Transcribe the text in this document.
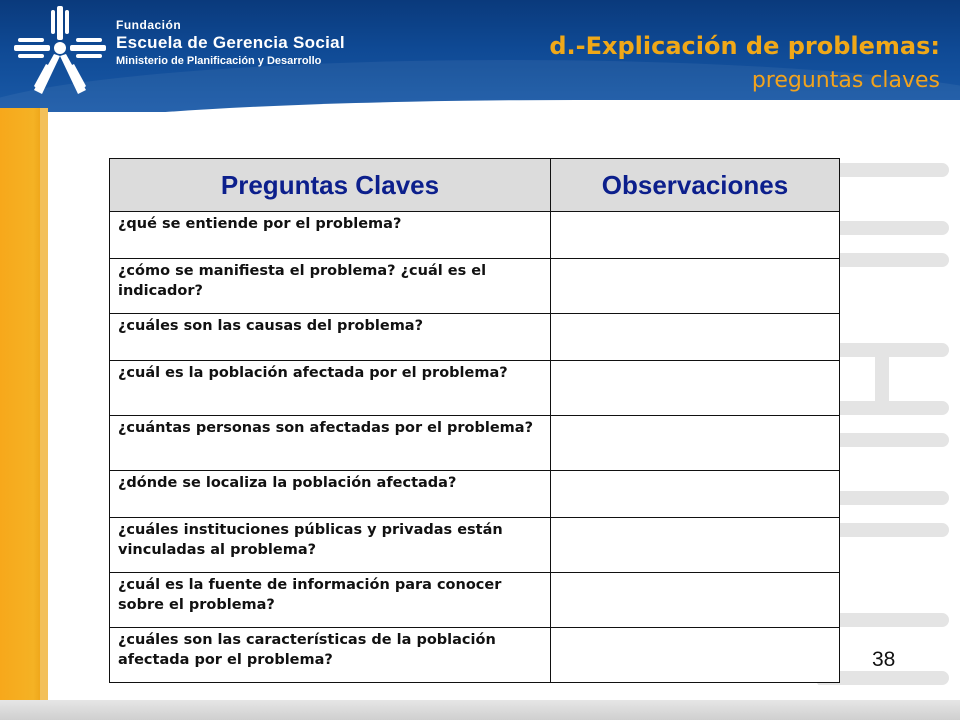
Fundación
Escuela de Gerencia Social
Ministerio de Planificación y Desarrollo
d.-Explicación de problemas:
preguntas claves
Preguntas Claves	Observaciones
¿qué se entiende por el problema?	
¿cómo se manifiesta el problema? ¿cuál es el indicador?	
¿cuáles son las causas del problema?	
¿cuál es la población afectada por el problema?	
¿cuántas personas son afectadas por el problema?	
¿dónde se localiza la población afectada?	
¿cuáles instituciones públicas y privadas están vinculadas al problema?	
¿cuál es la fuente de información para conocer sobre el problema?	
¿cuáles son las características de la población afectada por el problema?		38
